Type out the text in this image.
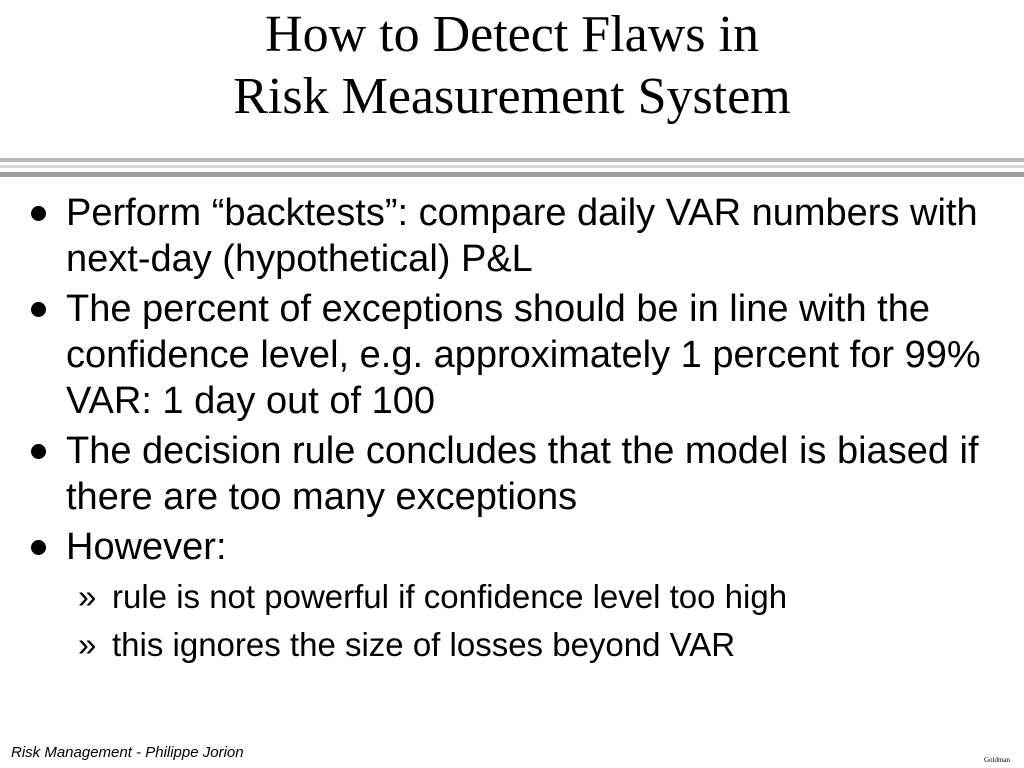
How to Detect Flaws in
Risk Measurement System
Perform “backtests”: compare daily VAR numbers with next-day (hypothetical) P&L
The percent of exceptions should be in line with the confidence level, e.g. approximately 1 percent for 99% VAR: 1 day out of 100
The decision rule concludes that the model is biased if there are too many exceptions
However:
» rule is not powerful if confidence level too high
» this ignores the size of losses beyond VAR
Risk Management - Philippe Jorion	Goldman
